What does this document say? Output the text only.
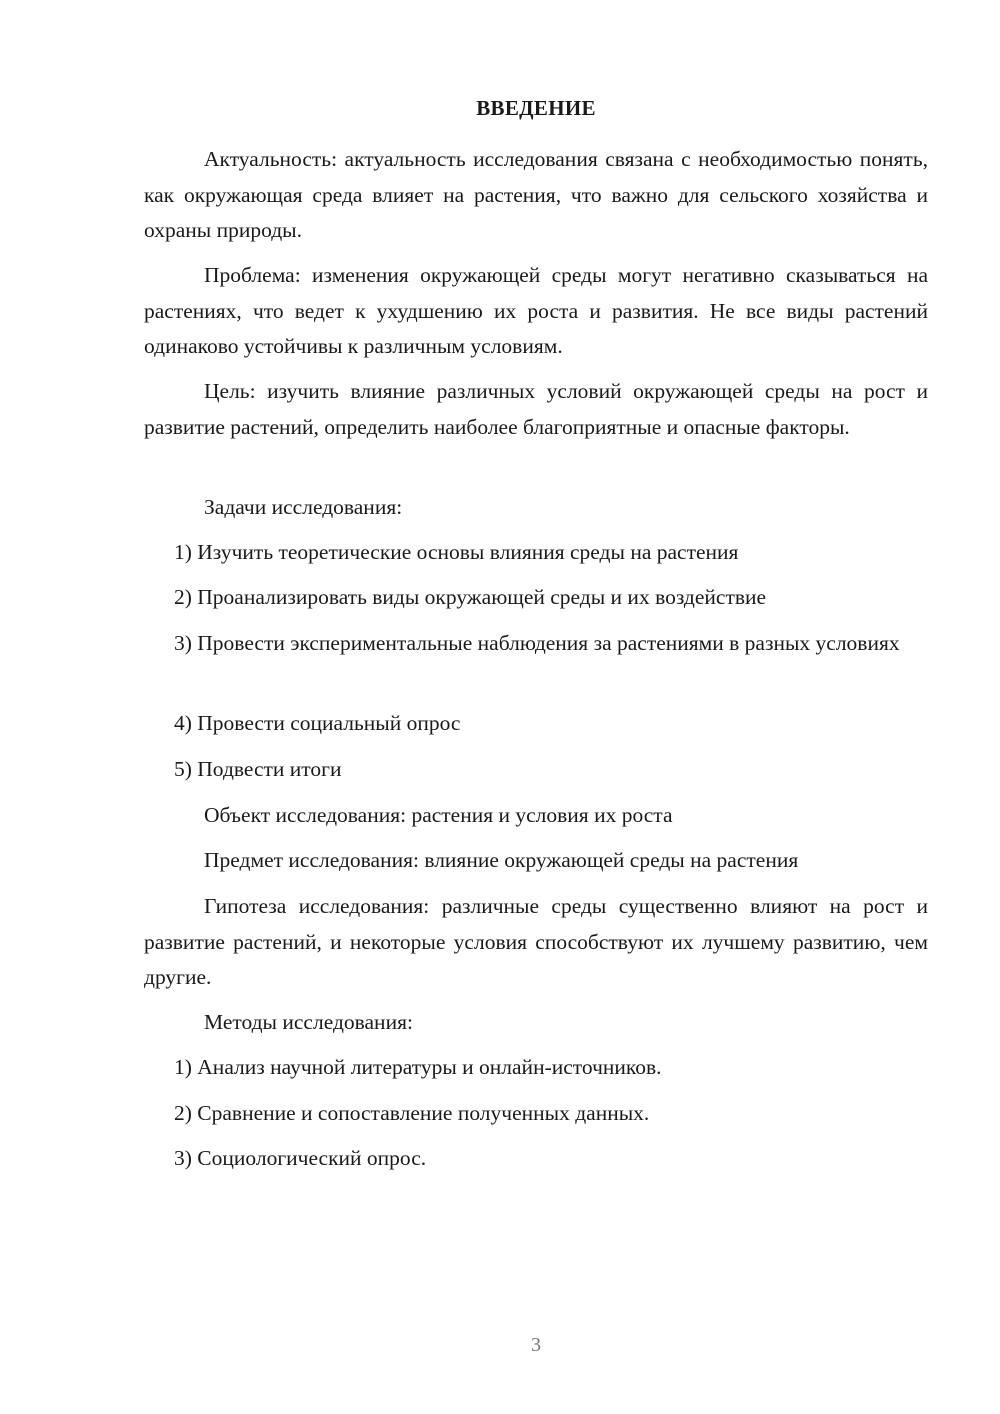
ВВЕДЕНИЕ

Актуальность: актуальность исследования связана с необходимостью понять, как окружающая среда влияет на растения, что важно для сельского хозяйства и охраны природы.

Проблема: изменения окружающей среды могут негативно сказываться на растениях, что ведет к ухудшению их роста и развития. Не все виды растений одинаково устойчивы к различным условиям.

Цель: изучить влияние различных условий окружающей среды на рост и развитие растений, определить наиболее благоприятные и опасные факторы.

Задачи исследования:

1) Изучить теоретические основы влияния среды на растения

2) Проанализировать виды окружающей среды и их воздействие

3) Провести экспериментальные наблюдения за растениями в разных условиях

4) Провести социальный опрос

5) Подвести итоги

Объект исследования: растения и условия их роста

Предмет исследования: влияние окружающей среды на растения

Гипотеза исследования: различные среды существенно влияют на рост и развитие растений, и некоторые условия способствуют их лучшему развитию, чем другие.

Методы исследования:

1) Анализ научной литературы и онлайн-источников.

2) Сравнение и сопоставление полученных данных.

3) Социологический опрос.

3
